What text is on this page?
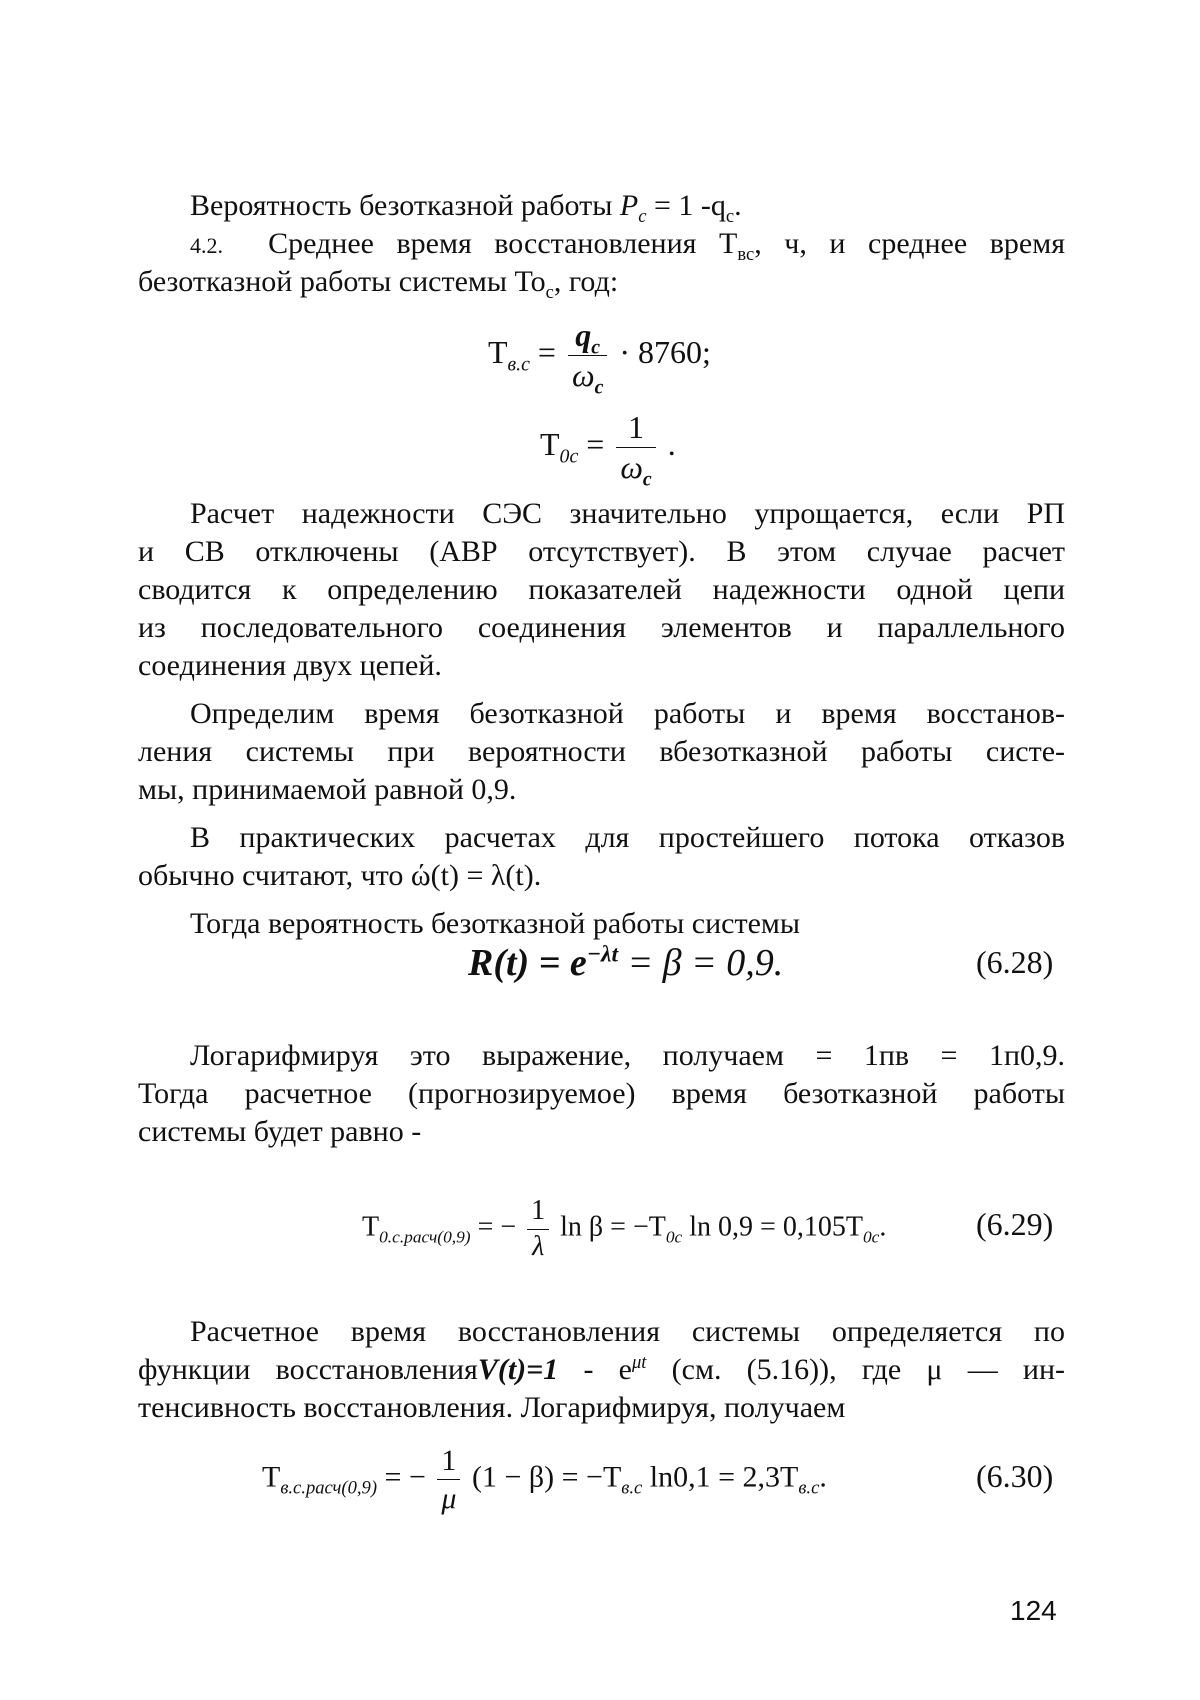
Вероятность безотказной работы $P_c = 1$ $-q_c$.
4.2. Среднее время восстановления $Т_{вс}$, ч, и среднее время
безотказной работы системы $То_с$, год:
$Т_{в.с} = \frac{q_c}{\omega_c} \cdot 8760$;
$Т_{0c} = \frac{1}{\omega_c}$ .
Расчет надежности СЭС значительно упрощается, если РП
и СВ отключены (АВР отсутствует). В этом случае расчет
сводится к определению показателей надежности одной цепи
из последовательного соединения элементов и параллельного
соединения двух цепей.
Определим время безотказной работы и время восстанов-
ления системы при вероятности вбезотказной работы систе-
мы, принимаемой равной 0,9.
В практических расчетах для простейшего потока отказов
обычно считают, что ώ(t) = λ(t).
Тогда вероятность безотказной работы системы
$R(t) = e^{-\lambda t} = \beta = 0,9$.	(6.28)
Логарифмируя это выражение, получаем = 1пв = 1п0,9.
Тогда расчетное (прогнозируемое) время безотказной работы
системы будет равно -
$Т_{0.с.расч(0,9)}$ = − $\frac{1}{\lambda}$ $\ln \beta = -Т_{0c}$ $\ln 0,9 = 0,105Т_{0c}$.	(6.29)
Расчетное время восстановления системы определяется по
функции восстановленияV(t)=1 - $e^{\mu t}$ (см. (5.16)), где μ — ин-
тенсивность восстановления. Логарифмируя, получаем
$Т_{в.с.расч(0,9)}$ = − $\frac{1}{\mu} (1 - \beta) = -Т_{в.с}$ $\ln 0,1 = 2,3Т_{в.с}$.	(6.30)
124
